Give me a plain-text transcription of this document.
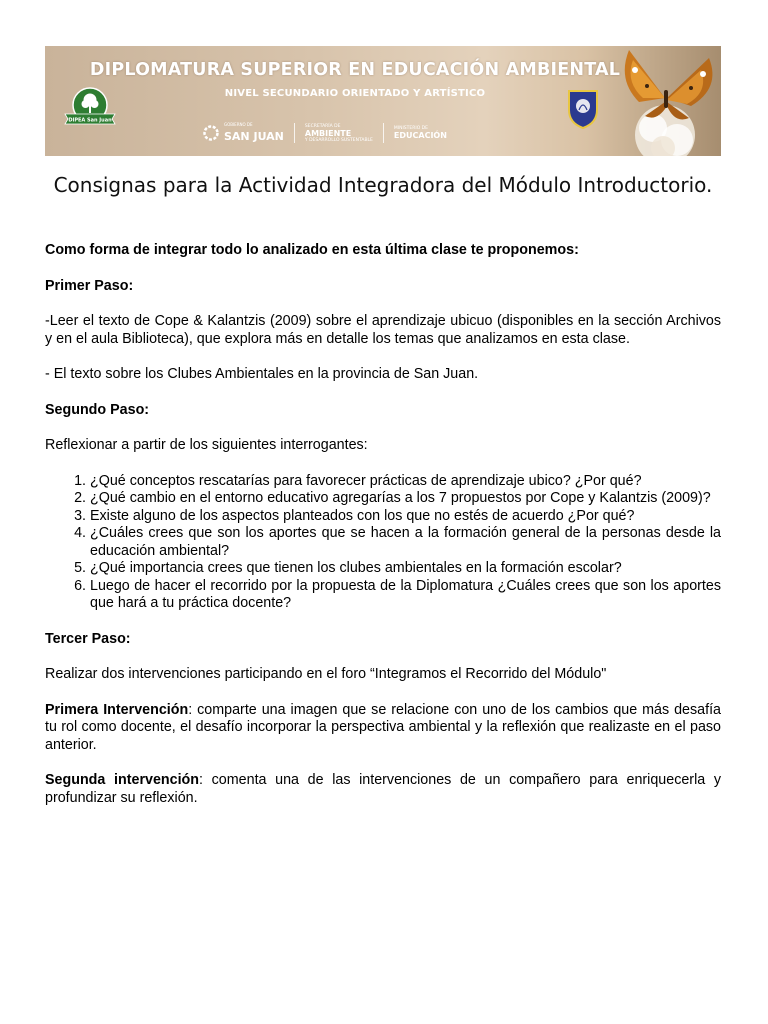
DIPLOMATURA SUPERIOR EN EDUCACIÓN AMBIENTAL
NIVEL SECUNDARIO ORIENTADO Y ARTÍSTICO
DIPEA San Juan
GOBIERNO DE
SAN JUAN
SECRETARÍA DE
AMBIENTE
Y DESARROLLO SUSTENTABLE
MINISTERIO DE
EDUCACIÓN
Consignas para la Actividad Integradora del Módulo Introductorio.

Como forma de integrar todo lo analizado en esta última clase te proponemos:

Primer Paso:

-Leer el texto de Cope & Kalantzis (2009) sobre el aprendizaje ubicuo (disponibles en la sección Archivos y en el aula Biblioteca), que explora más en detalle los temas que analizamos en esta clase.

- El texto sobre los Clubes Ambientales en la provincia de San Juan.

Segundo Paso:

Reflexionar a partir de los siguientes interrogantes:

1. ¿Qué conceptos rescatarías para favorecer prácticas de aprendizaje ubico? ¿Por qué?
2. ¿Qué cambio en el entorno educativo agregarías a los 7 propuestos por Cope y Kalantzis (2009)?
3. Existe alguno de los aspectos planteados con los que no estés de acuerdo ¿Por qué?
4. ¿Cuáles crees que son los aportes que se hacen a la formación general de la personas desde la educación ambiental?
5. ¿Qué importancia crees que tienen los clubes ambientales en la formación escolar?
6. Luego de hacer el recorrido por la propuesta de la Diplomatura ¿Cuáles crees que son los aportes que hará a tu práctica docente?

Tercer Paso:

Realizar dos intervenciones participando en el foro “Integramos el Recorrido del Módulo"

Primera Intervención: comparte una imagen que se relacione con uno de los cambios que más desafía tu rol como docente, el desafío incorporar la perspectiva ambiental y la reflexión que realizaste en el paso anterior.

Segunda intervención: comenta una de las intervenciones de un compañero para enriquecerla y profundizar su reflexión.
